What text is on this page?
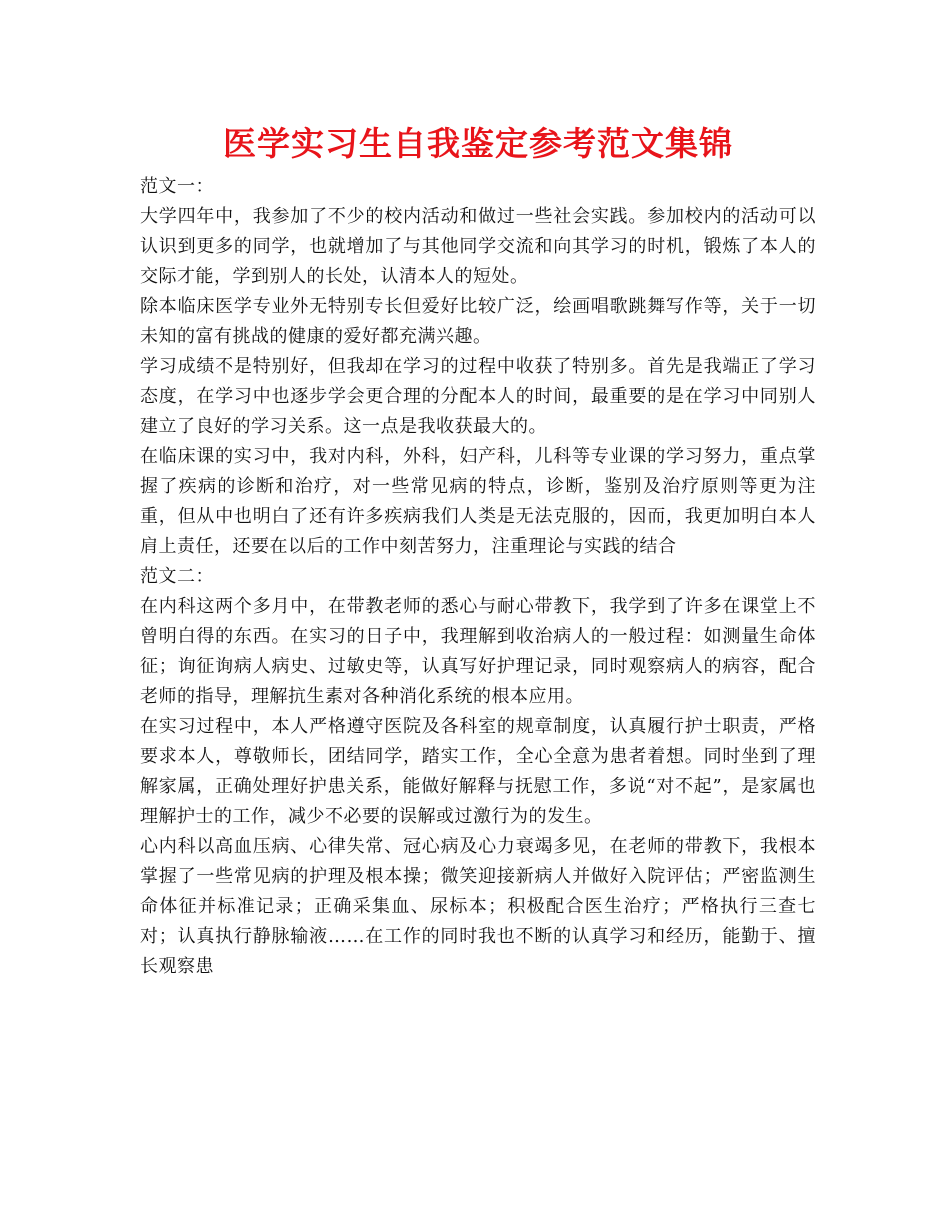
医学实习生自我鉴定参考范文集锦

范文一：

大学四年中，我参加了不少的校内活动和做过一些社会实践。参加校内的活动可以认识到更多的同学，也就增加了与其他同学交流和向其学习的时机，锻炼了本人的交际才能，学到别人的长处，认清本人的短处。

除本临床医学专业外无特别专长但爱好比较广泛，绘画唱歌跳舞写作等，关于一切未知的富有挑战的健康的爱好都充满兴趣。

学习成绩不是特别好，但我却在学习的过程中收获了特别多。首先是我端正了学习态度，在学习中也逐步学会更合理的分配本人的时间，最重要的是在学习中同别人建立了良好的学习关系。这一点是我收获最大的。

在临床课的实习中，我对内科，外科，妇产科，儿科等专业课的学习努力，重点掌握了疾病的诊断和治疗，对一些常见病的特点，诊断，鉴别及治疗原则等更为注重，但从中也明白了还有许多疾病我们人类是无法克服的，因而，我更加明白本人肩上责任，还要在以后的工作中刻苦努力，注重理论与实践的结合

范文二：

在内科这两个多月中，在带教老师的悉心与耐心带教下，我学到了许多在课堂上不曾明白得的东西。在实习的日子中，我理解到收治病人的一般过程：如测量生命体征；询征询病人病史、过敏史等，认真写好护理记录，同时观察病人的病容，配合老师的指导，理解抗生素对各种消化系统的根本应用。

在实习过程中，本人严格遵守医院及各科室的规章制度，认真履行护士职责，严格要求本人，尊敬师长，团结同学，踏实工作，全心全意为患者着想。同时坐到了理解家属，正确处理好护患关系，能做好解释与抚慰工作，多说“对不起”，是家属也理解护士的工作，减少不必要的误解或过激行为的发生。

心内科以高血压病、心律失常、冠心病及心力衰竭多见，在老师的带教下，我根本掌握了一些常见病的护理及根本操；微笑迎接新病人并做好入院评估；严密监测生命体征并标准记录；正确采集血、尿标本；积极配合医生治疗；严格执行三查七对；认真执行静脉输液……在工作的同时我也不断的认真学习和经历，能勤于、擅长观察患
